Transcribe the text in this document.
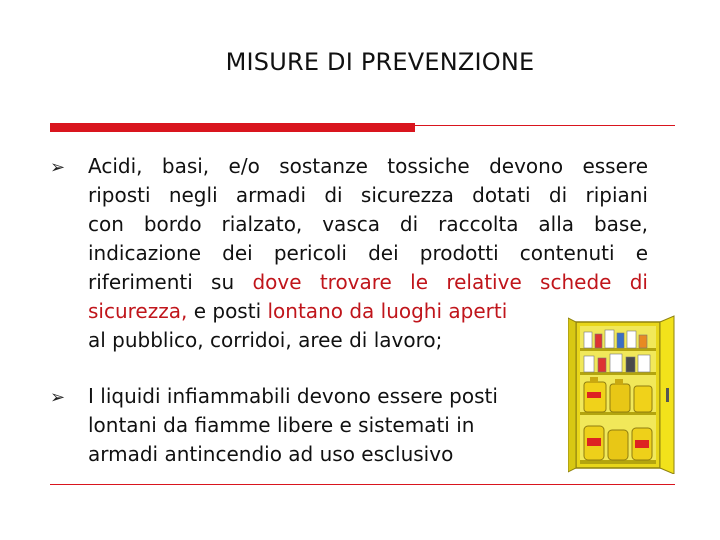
MISURE DI PREVENZIONE
➢ Acidi, basi, e/o sostanze tossiche devono essere
riposti negli armadi di sicurezza dotati di ripiani
con bordo rialzato, vasca di raccolta alla base,
indicazione dei pericoli dei prodotti contenuti e
riferimenti su dove trovare le relative schede di
sicurezza, e posti lontano da luoghi aperti
al pubblico, corridoi, aree di lavoro;
➢ I liquidi infiammabili devono essere posti
lontani da fiamme libere e sistemati in
armadi antincendio ad uso esclusivo
